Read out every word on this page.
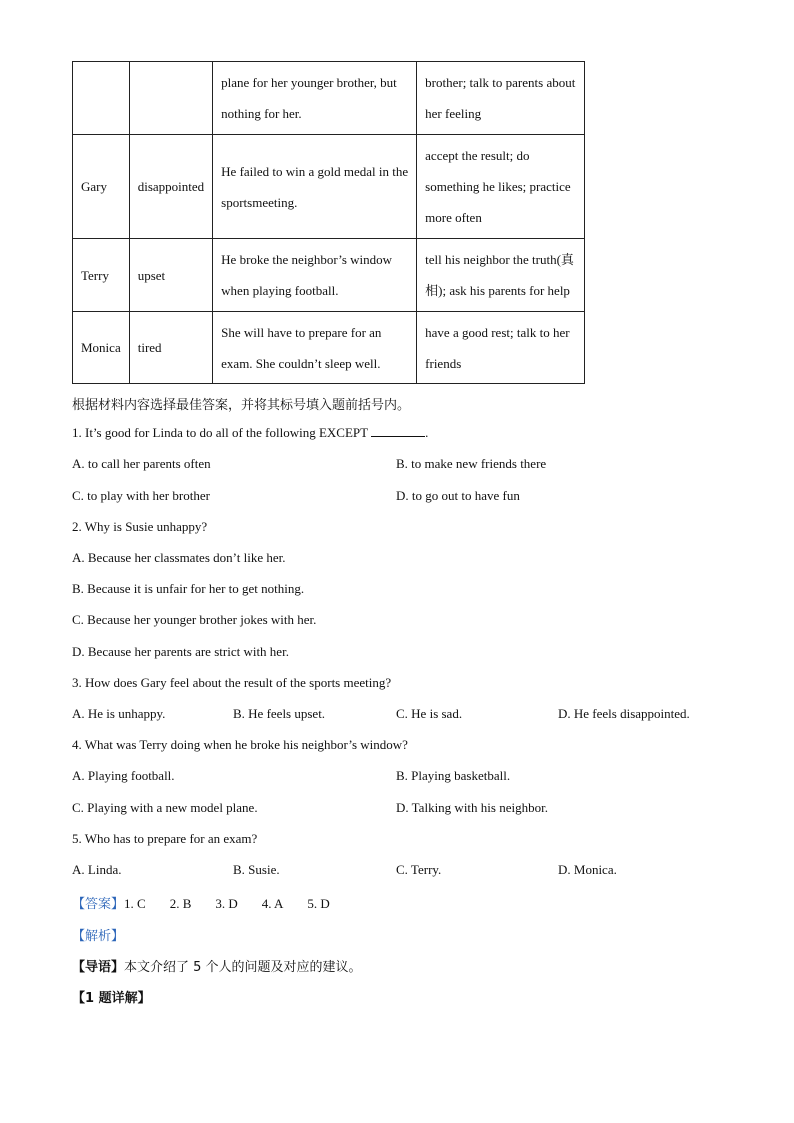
		plane for her younger brother, but nothing for her.	brother; talk to parents about her feeling
Gary	disappointed	He failed to win a gold medal in the sportsmeeting.	accept the result; do something he likes; practice more often
Terry	upset	He broke the neighbor’s window when playing football.	tell his neighbor the truth(真相); ask his parents for help
Monica	tired	She will have to prepare for an exam. She couldn’t sleep well.	have a good rest; talk to her friends
根据材料内容选择最佳答案，并将其标号填入题前括号内。
1. It’s good for Linda to do all of the following EXCEPT	.
A. to call her parents often	B. to make new friends there
C. to play with her brother	D. to go out to have fun
2. Why is Susie unhappy?
A. Because her classmates don’t like her.
B. Because it is unfair for her to get nothing.
C. Because her younger brother jokes with her.
D. Because her parents are strict with her.
3. How does Gary feel about the result of the sports meeting?
A. He is unhappy.	B. He feels upset.	C. He is sad.	D. He feels disappointed.
4. What was Terry doing when he broke his neighbor’s window?
A. Playing football.	B. Playing basketball.
C. Playing with a new model plane.	D. Talking with his neighbor.
5. Who has to prepare for an exam?
A. Linda.	B. Susie.	C. Terry.	D. Monica.
【答案】1. C 2. B 3. D 4. A 5. D
【解析】
【导语】本文介绍了 5 个人的问题及对应的建议。
【1 题详解】
